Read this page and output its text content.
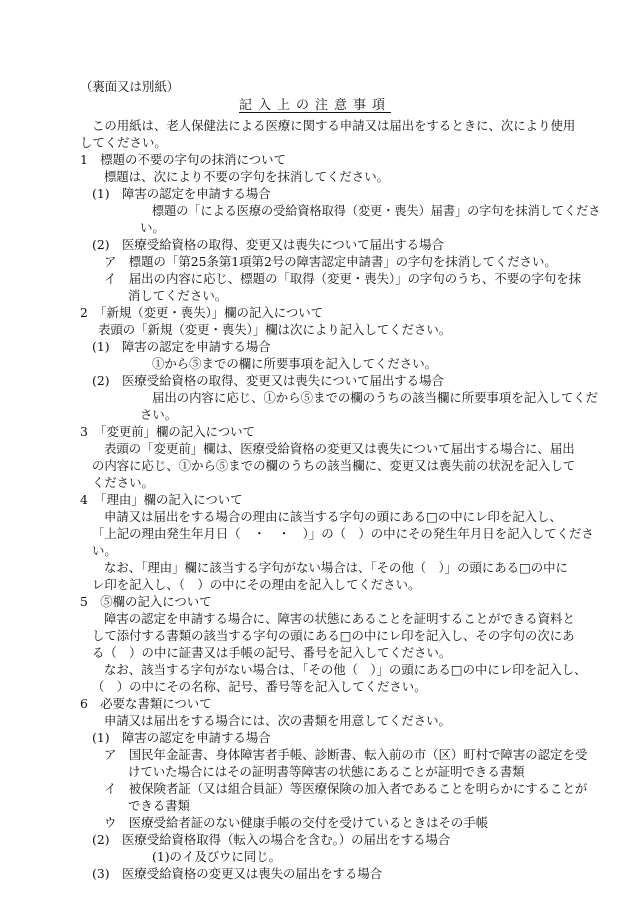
（裏面又は別紙）
記入上の注意事項
この用紙は、老人保健法による医療に関する申請又は届出をするときに、次により使用
してください。
1　標題の不要の字句の抹消について
標題は、次により不要の字句を抹消してください。
(1)　障害の認定を申請する場合
標題の「による医療の受給資格取得（変更・喪失）届書」の字句を抹消してくださ
い。
(2)　医療受給資格の取得、変更又は喪失について届出する場合
ア　標題の「第25条第1項第2号の障害認定申請書」の字句を抹消してください。
イ　届出の内容に応じ、標題の「取得（変更・喪失）」の字句のうち、不要の字句を抹
消してください。
2　「新規（変更・喪失）」欄の記入について
表頭の「新規（変更・喪失）」欄は次により記入してください。
(1)　障害の認定を申請する場合
①から⑤までの欄に所要事項を記入してください。
(2)　医療受給資格の取得、変更又は喪失について届出する場合
届出の内容に応じ、①から⑤までの欄のうちの該当欄に所要事項を記入してくだ
さい。
3　「変更前」欄の記入について
表頭の「変更前」欄は、医療受給資格の変更又は喪失について届出する場合に、届出
の内容に応じ、①から⑤までの欄のうちの該当欄に、変更又は喪失前の状況を記入して
ください。
4　「理由」欄の記入について
申請又は届出をする場合の理由に該当する字句の頭にある□の中にレ印を記入し、
「上記の理由発生年月日（　・　・　）」の（　）の中にその発生年月日を記入してくださ
い。
なお、「理由」欄に該当する字句がない場合は、「その他（　）」の頭にある□の中に
レ印を記入し、（　）の中にその理由を記入してください。
5　⑤欄の記入について
障害の認定を申請する場合に、障害の状態にあることを証明することができる資料と
して添付する書類の該当する字句の頭にある□の中にレ印を記入し、その字句の次にあ
る（　）の中に証書又は手帳の記号、番号を記入してください。
なお、該当する字句がない場合は、「その他（　）」の頭にある□の中にレ印を記入し、
（　）の中にその名称、記号、番号等を記入してください。
6　必要な書類について
申請又は届出をする場合には、次の書類を用意してください。
(1)　障害の認定を申請する場合
ア　国民年金証書、身体障害者手帳、診断書、転入前の市（区）町村で障害の認定を受
けていた場合にはその証明書等障害の状態にあることが証明できる書類
イ　被保険者証（又は組合員証）等医療保険の加入者であることを明らかにすることが
できる書類
ウ　医療受給者証のない健康手帳の交付を受けているときはその手帳
(2)　医療受給資格取得（転入の場合を含む。）の届出をする場合
(1)のイ及びウに同じ。
(3)　医療受給資格の変更又は喪失の届出をする場合
